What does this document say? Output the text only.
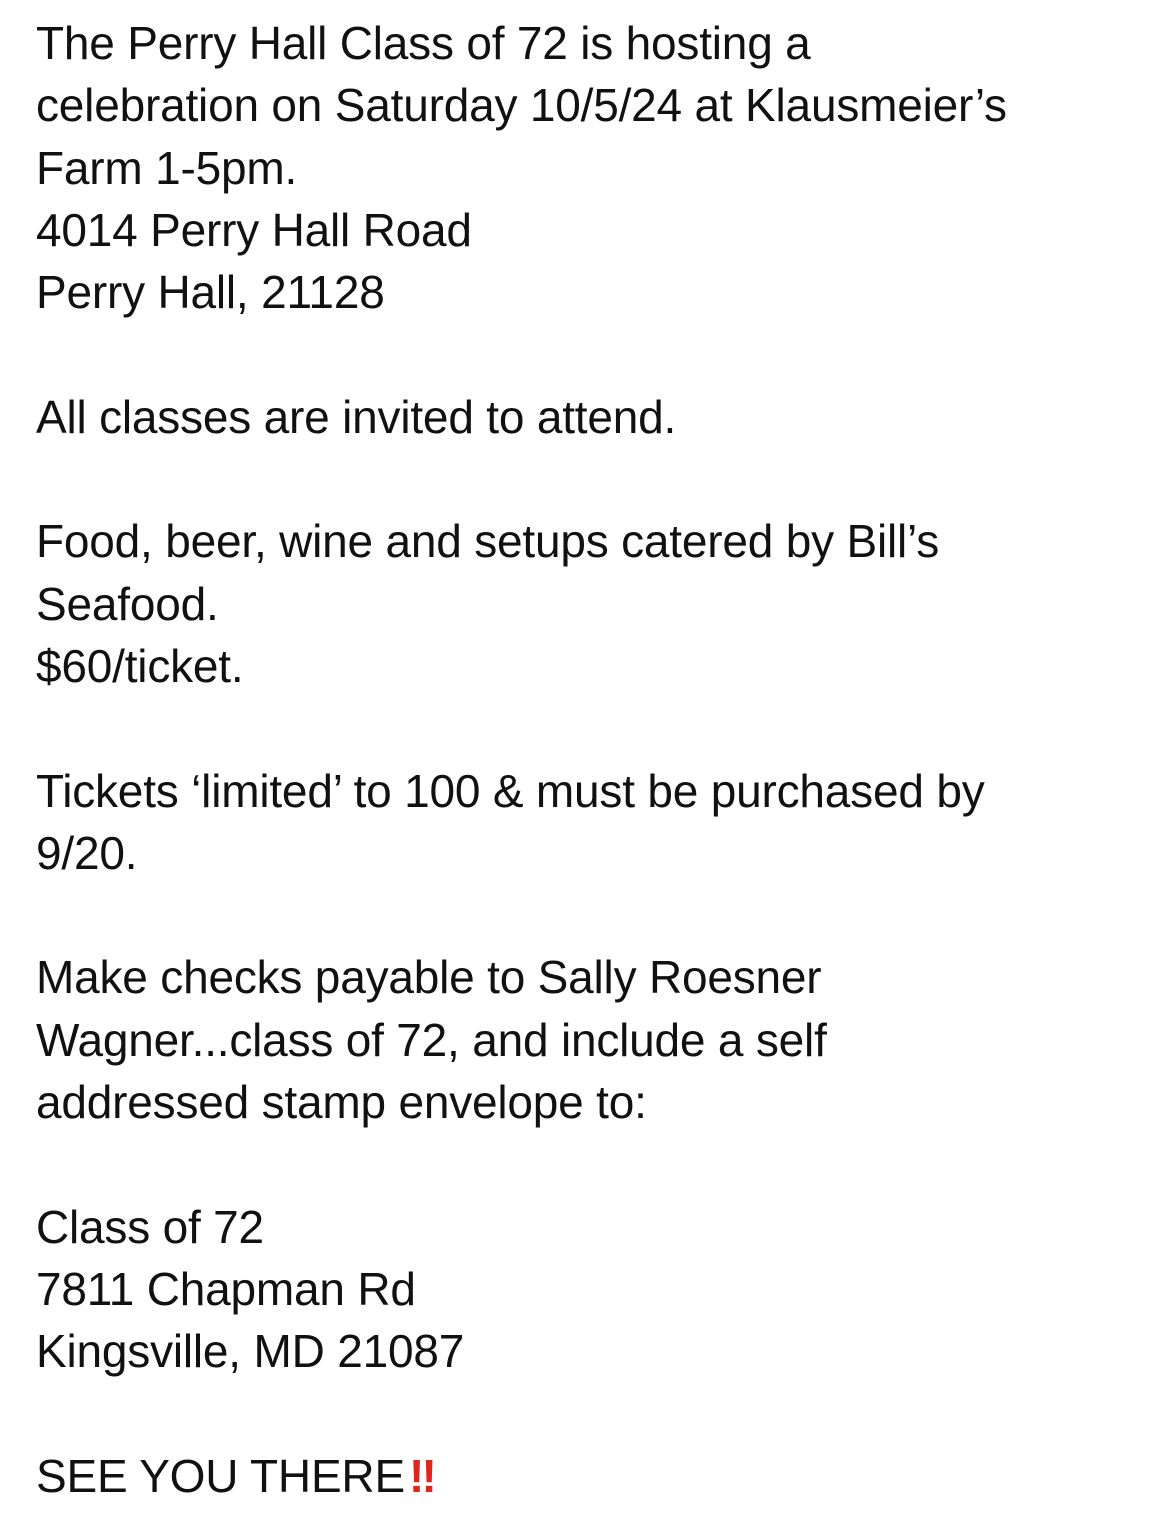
The Perry Hall Class of 72 is hosting a
celebration on Saturday 10/5/24 at Klausmeier’s
Farm 1-5pm.
4014 Perry Hall Road
Perry Hall, 21128
All classes are invited to attend.
Food, beer, wine and setups catered by Bill’s
Seafood.
$60/ticket.
Tickets ‘limited’ to 100 & must be purchased by
9/20.
Make checks payable to Sally Roesner
Wagner...class of 72, and include a self
addressed stamp envelope to:
Class of 72
7811 Chapman Rd
Kingsville, MD 21087
SEE YOU THERE‼
